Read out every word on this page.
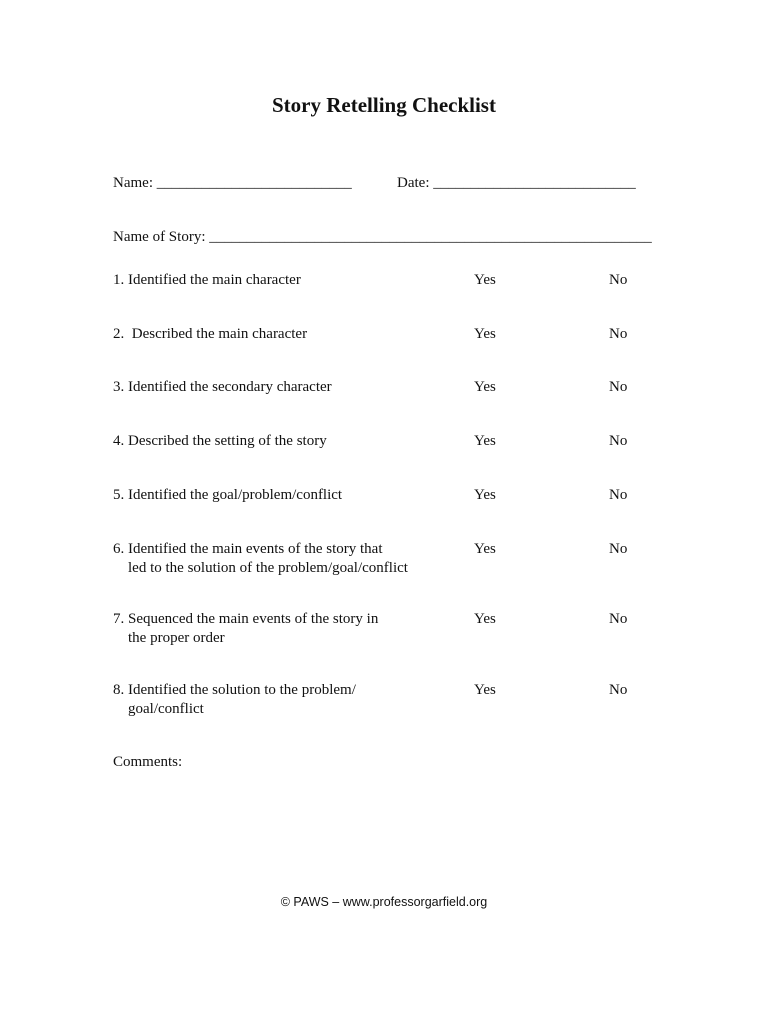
Story Retelling Checklist
Name: __________________________	Date: ___________________________
Name of Story: ___________________________________________________________
1. Identified the main character	Yes	No
2.  Described the main character	Yes	No
3. Identified the secondary character	Yes	No
4. Described the setting of the story	Yes	No
5. Identified the goal/problem/conflict	Yes	No
6. Identified the main events of the story that
led to the solution of the problem/goal/conflict
Yes	No
7. Sequenced the main events of the story in
the proper order
Yes	No
8. Identified the solution to the problem/
goal/conflict
Yes	No
Comments:
© PAWS – www.professorgarfield.org
